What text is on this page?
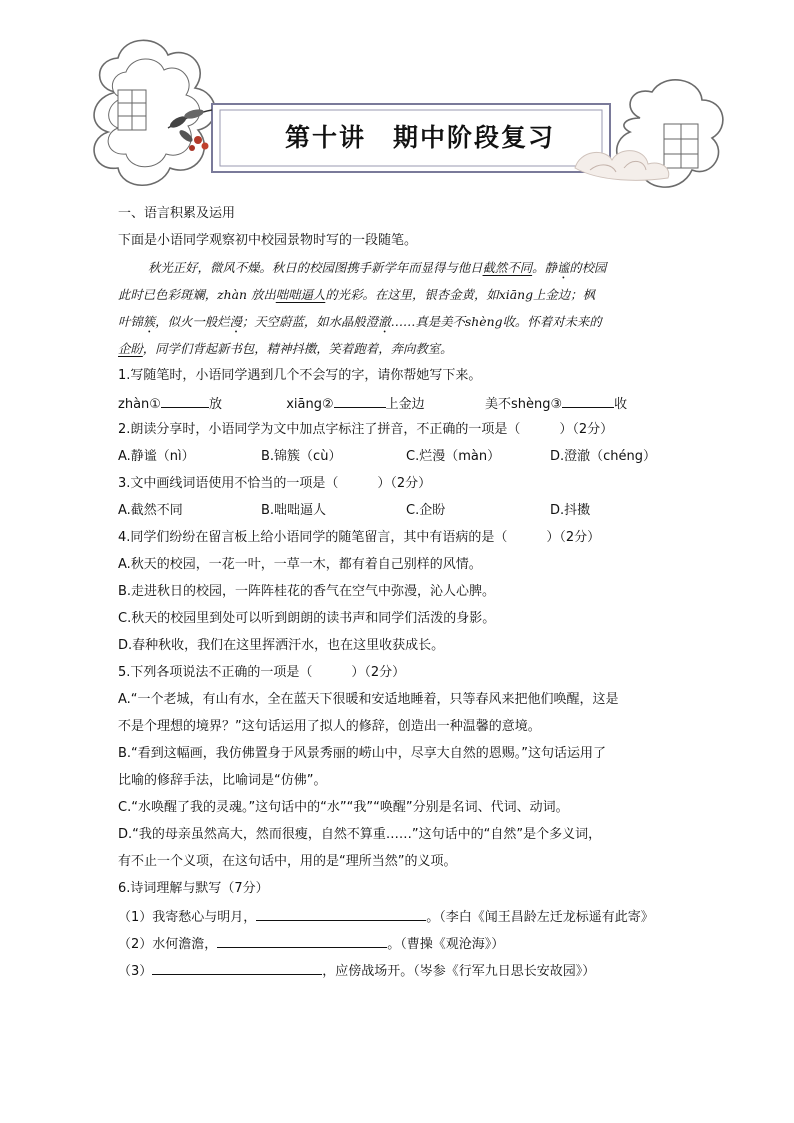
第十讲　期中阶段复习
一、语言积累及运用
下面是小语同学观察初中校园景物时写的一段随笔。
秋光正好，微风不燥。秋日的校园图携手新学年而显得与他日截然不同。静谧的校园
此时已色彩斑斓，zhàn 放出咄咄逼人的光彩。在这里，银杏金黄，如xiāng上金边；枫
叶锦簇，似火一般烂漫；天空蔚蓝，如水晶般澄澈……真是美不shèng收。怀着对未来的
企盼，同学们背起新书包，精神抖擞，笑着跑着，奔向教室。
1.写随笔时，小语同学遇到几个不会写的字，请你帮她写下来。
zhàn①	放	xiāng②	上金边	美不shèng③	收
2.朗读分享时，小语同学为文中加点字标注了拼音，不正确的一项是（　　　）（2分）
A.静谧（nì）	B.锦簇（cù）	C.烂漫（màn）	D.澄澈（chéng）
3.文中画线词语使用不恰当的一项是（　　　）（2分）
A.截然不同	B.咄咄逼人	C.企盼	D.抖擞
4.同学们纷纷在留言板上给小语同学的随笔留言，其中有语病的是（　　　）（2分）
A.秋天的校园，一花一叶，一草一木，都有着自己别样的风情。
B.走进秋日的校园，一阵阵桂花的香气在空气中弥漫，沁人心脾。
C.秋天的校园里到处可以听到朗朗的读书声和同学们活泼的身影。
D.春种秋收，我们在这里挥洒汗水，也在这里收获成长。
5.下列各项说法不正确的一项是（　　　）（2分）
A.“一个老城，有山有水，全在蓝天下很暖和安适地睡着，只等春风来把他们唤醒，这是
不是个理想的境界？”这句话运用了拟人的修辞，创造出一种温馨的意境。
B.“看到这幅画，我仿佛置身于风景秀丽的崂山中，尽享大自然的恩赐。”这句话运用了
比喻的修辞手法，比喻词是“仿佛”。
C.“水唤醒了我的灵魂。”这句话中的“水”“我”“唤醒”分别是名词、代词、动词。
D.“我的母亲虽然高大，然而很瘦，自然不算重……”这句话中的“自然”是个多义词，
有不止一个义项，在这句话中，用的是“理所当然”的义项。
6.诗词理解与默写（7分）
（1）我寄愁心与明月，	。（李白《闻王昌龄左迁龙标遥有此寄》
（2）水何澹澹，	。（曹操《观沧海》）
（3）	，应傍战场开。（岑参《行军九日思长安故园》）
